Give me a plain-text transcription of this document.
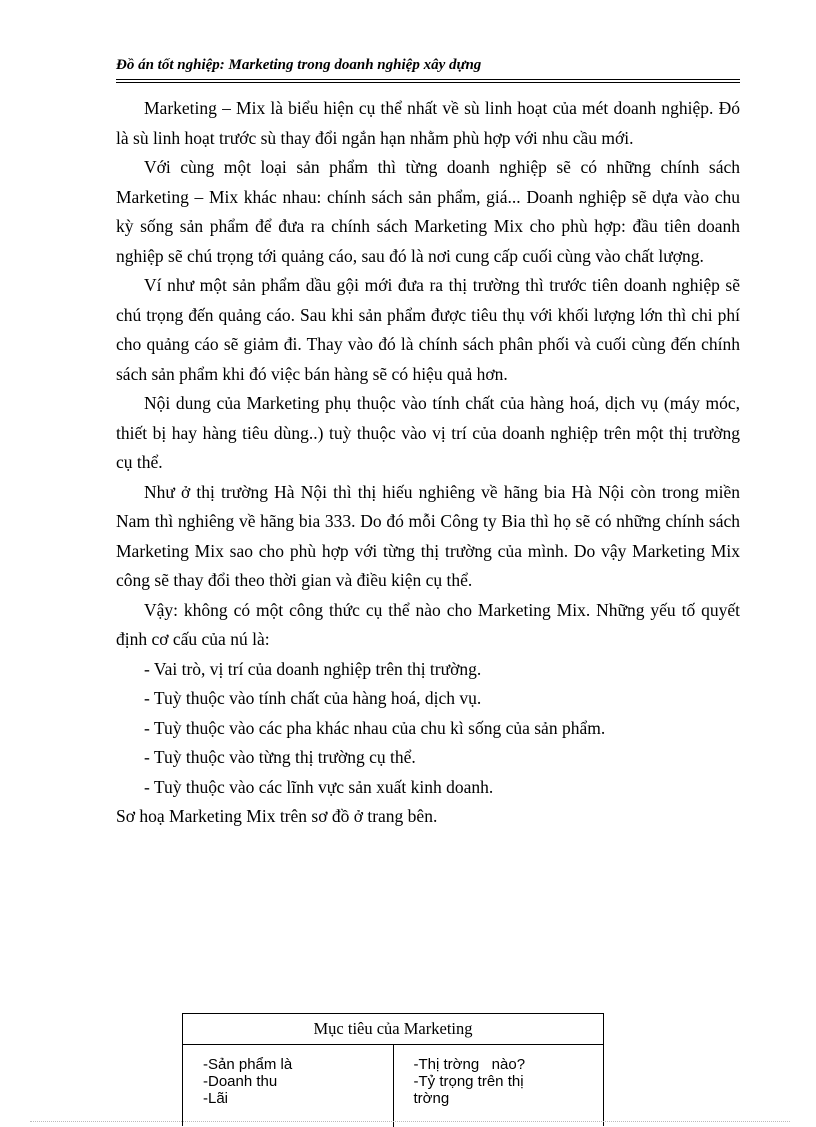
Đồ án tốt nghiệp: Marketing trong doanh nghiệp xây dựng

Marketing – Mix là biểu hiện cụ thể nhất về sù linh hoạt của mét doanh nghiệp. Đó là sù linh hoạt trước sù thay đổi ngắn hạn nhằm phù hợp với nhu cầu mới.

Với cùng một loại sản phẩm thì từng doanh nghiệp sẽ có những chính sách Marketing – Mix khác nhau: chính sách sản phẩm, giá... Doanh nghiệp sẽ dựa vào chu kỳ sống sản phẩm để đưa ra chính sách Marketing Mix cho phù hợp: đầu tiên doanh nghiệp sẽ chú trọng tới quảng cáo, sau đó là nơi cung cấp cuối cùng vào chất lượng.

Ví như một sản phẩm dầu gội mới đưa ra thị trường thì trước tiên doanh nghiệp sẽ chú trọng đến quảng cáo. Sau khi sản phẩm được tiêu thụ với khối lượng lớn thì chi phí cho quảng cáo sẽ giảm đi. Thay vào đó là chính sách phân phối và cuối cùng đến chính sách sản phẩm khi đó việc bán hàng sẽ có hiệu quả hơn.

Nội dung của Marketing phụ thuộc vào tính chất của hàng hoá, dịch vụ (máy móc, thiết bị hay hàng tiêu dùng..) tuỳ thuộc vào vị trí của doanh nghiệp trên một thị trường cụ thể.

Như ở thị trường Hà Nội thì thị hiếu nghiêng về hãng bia Hà Nội còn trong miền Nam thì nghiêng về hãng bia 333. Do đó mỗi Công ty Bia thì họ sẽ có những chính sách Marketing Mix sao cho phù hợp với từng thị trường của mình. Do vậy Marketing Mix công sẽ thay đổi theo thời gian và điều kiện cụ thể.

Vậy: không có một công thức cụ thể nào cho Marketing Mix. Những yếu tố quyết định cơ cấu của nú là:

- Vai trò, vị trí của doanh nghiệp trên thị trường.

- Tuỳ thuộc vào tính chất của hàng hoá, dịch vụ.

- Tuỳ thuộc vào các pha khác nhau của chu kì sống của sản phẩm.

- Tuỳ thuộc vào từng thị trường cụ thể.

- Tuỳ thuộc vào các lĩnh vực sản xuất kinh doanh.

Sơ hoạ Marketing Mix trên sơ đồ ở trang bên.

Mục tiêu của Marketing
-Sản phẩm là
-Doanh thu
-Lãi
-Thị trờng   nào?
-Tỷ trọng trên thị
trờng
